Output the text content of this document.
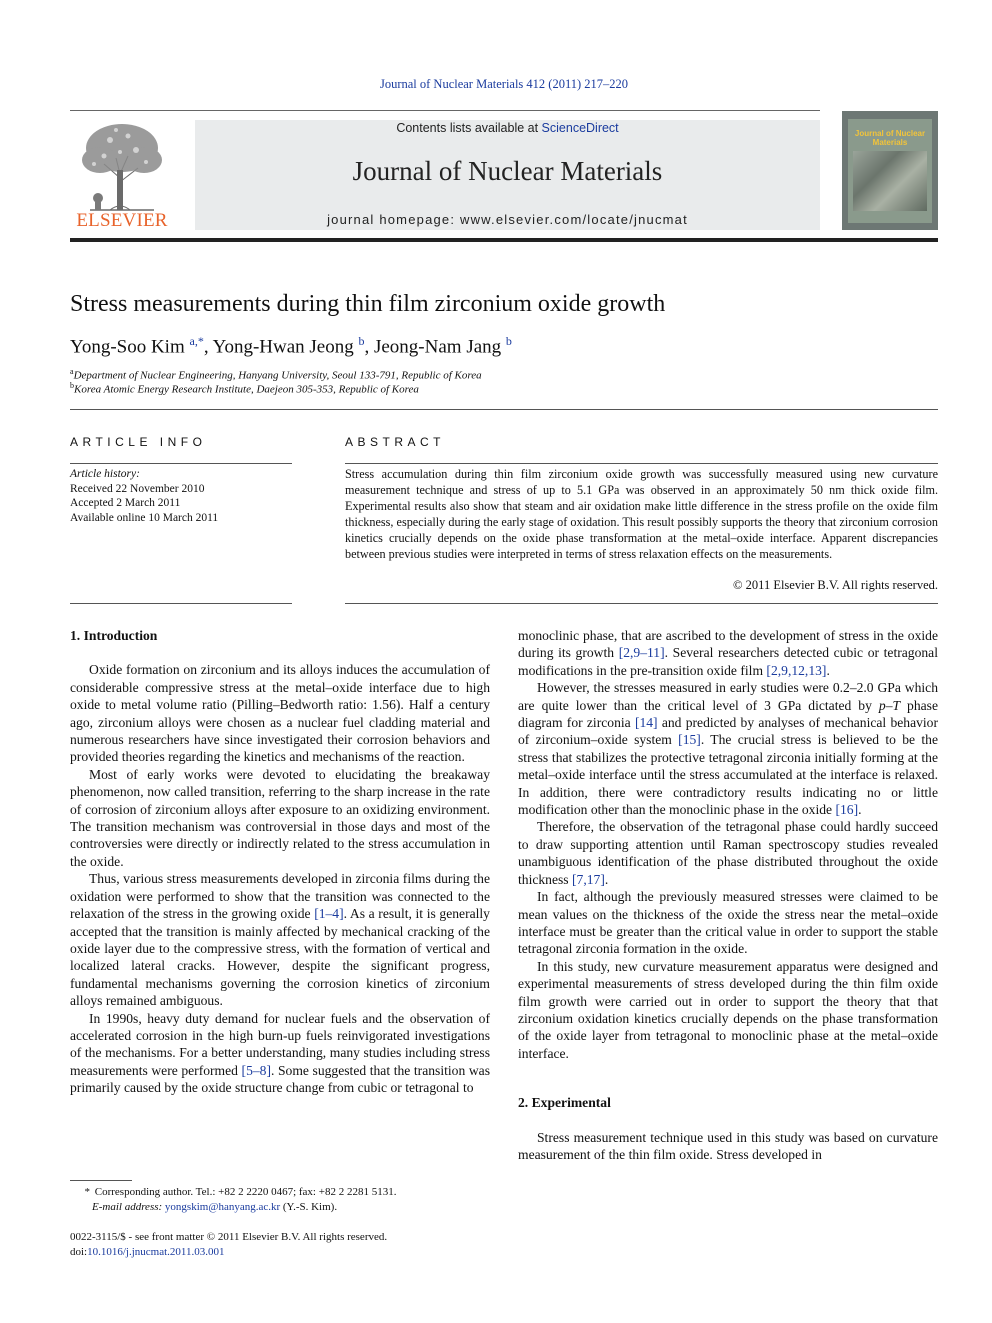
Journal of Nuclear Materials 412 (2011) 217–220
ELSEVIER
Contents lists available at ScienceDirect
Journal of Nuclear Materials
journal homepage: www.elsevier.com/locate/jnucmat
Journal of Nuclear Materials
Stress measurements during thin film zirconium oxide growth
Yong-Soo Kim $^{a,*}$, Yong-Hwan Jeong $^b$, Jeong-Nam Jang $^b$
$^a$Department of Nuclear Engineering, Hanyang University, Seoul 133-791, Republic of Korea
$^b$Korea Atomic Energy Research Institute, Daejeon 305-353, Republic of Korea
ARTICLE INFO
Article history:
Received 22 November 2010
Accepted 2 March 2011
Available online 10 March 2011
ABSTRACT
Stress accumulation during thin film zirconium oxide growth was successfully measured using new curvature measurement technique and stress of up to 5.1 GPa was observed in an approximately 50 nm thick oxide film. Experimental results also show that steam and air oxidation make little difference in the stress profile on the oxide film thickness, especially during the early stage of oxidation. This result possibly supports the theory that zirconium corrosion kinetics crucially depends on the oxide phase transformation at the metal–oxide interface. Apparent discrepancies between previous studies were interpreted in terms of stress relaxation effects on the measurements.
© 2011 Elsevier B.V. All rights reserved.
1. Introduction

Oxide formation on zirconium and its alloys induces the accumulation of considerable compressive stress at the metal–oxide interface due to high oxide to metal volume ratio (Pilling–Bedworth ratio: 1.56). Half a century ago, zirconium alloys were chosen as a nuclear fuel cladding material and numerous researchers have since investigated their corrosion behaviors and provided theories regarding the kinetics and mechanisms of the reaction.

Most of early works were devoted to elucidating the breakaway phenomenon, now called transition, referring to the sharp increase in the rate of corrosion of zirconium alloys after exposure to an oxidizing environment. The transition mechanism was controversial in those days and most of the controversies were directly or indirectly related to the stress accumulation in the oxide.

Thus, various stress measurements developed in zirconia films during the oxidation were performed to show that the transition was connected to the relaxation of the stress in the growing oxide [1–4]. As a result, it is generally accepted that the transition is mainly affected by mechanical cracking of the oxide layer due to the compressive stress, with the formation of vertical and localized lateral cracks. However, despite the significant progress, fundamental mechanisms governing the corrosion kinetics of zirconium alloys remained ambiguous.

In 1990s, heavy duty demand for nuclear fuels and the observation of accelerated corrosion in the high burn-up fuels reinvigorated investigations of the mechanisms. For a better understanding, many studies including stress measurements were performed [5–8]. Some suggested that the transition was primarily caused by the oxide structure change from cubic or tetragonal to

monoclinic phase, that are ascribed to the development of stress in the oxide during its growth [2,9–11]. Several researchers detected cubic or tetragonal modifications in the pre-transition oxide film [2,9,12,13].

However, the stresses measured in early studies were 0.2–2.0 GPa which are quite lower than the critical level of 3 GPa dictated by p–T phase diagram for zirconia [14] and predicted by analyses of mechanical behavior of zirconium–oxide system [15]. The crucial stress is believed to be the stress that stabilizes the protective tetragonal zirconia initially forming at the metal–oxide interface until the stress accumulated at the interface is relaxed. In addition, there were contradictory results indicating no or little modification other than the monoclinic phase in the oxide [16].

Therefore, the observation of the tetragonal phase could hardly succeed to draw supporting attention until Raman spectroscopy studies revealed unambiguous identification of the phase distributed throughout the oxide thickness [7,17].

In fact, although the previously measured stresses were claimed to be mean values on the thickness of the oxide the stress near the metal–oxide interface must be greater than the critical value in order to support the stable tetragonal zirconia formation in the oxide.

In this study, new curvature measurement apparatus were designed and experimental measurements of stress developed during the thin film oxide film growth were carried out in order to support the theory that that zirconium oxidation kinetics crucially depends on the phase transformation of the oxide layer from tetragonal to monoclinic phase at the metal–oxide interface.

2. Experimental

Stress measurement technique used in this study was based on curvature measurement of the thin film oxide. Stress developed in

* Corresponding author. Tel.: +82 2 2220 0467; fax: +82 2 2281 5131.
E-mail address: yongskim@hanyang.ac.kr (Y.-S. Kim).
0022-3115/$ - see front matter © 2011 Elsevier B.V. All rights reserved.
doi:10.1016/j.jnucmat.2011.03.001
